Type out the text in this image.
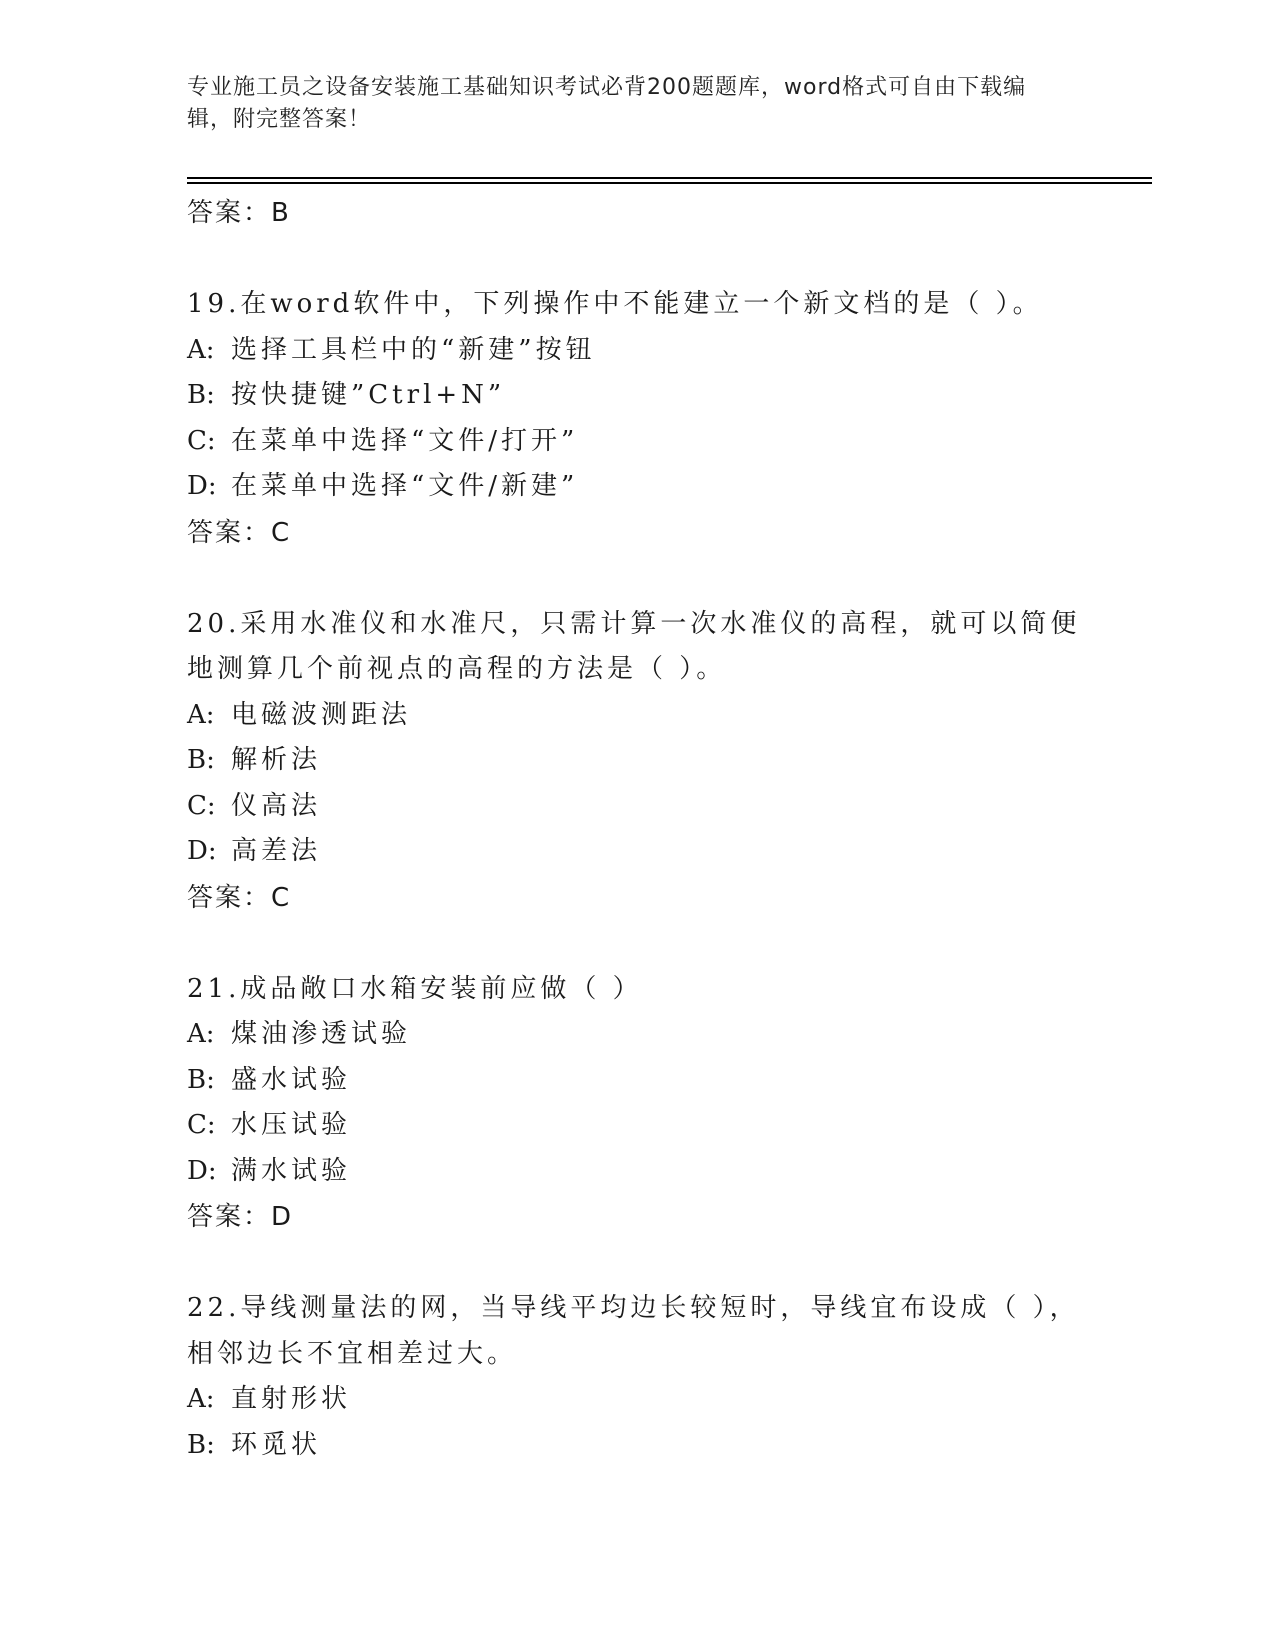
专业施工员之设备安装施工基础知识考试必背200题题库，word格式可自由下载编辑，附完整答案！
答案：B
19.在word软件中，下列操作中不能建立一个新文档的是（ ）。
A: 选择工具栏中的“新建”按钮
B: 按快捷键”Ctrl+N”
C: 在菜单中选择“文件/打开”
D: 在菜单中选择“文件/新建”
答案：C
20.采用水准仪和水准尺，只需计算一次水准仪的高程，就可以简便地测算几个前视点的高程的方法是（ ）。
A: 电磁波测距法
B: 解析法
C: 仪高法
D: 高差法
答案：C
21.成品敞口水箱安装前应做（ ）
A: 煤油渗透试验
B: 盛水试验
C: 水压试验
D: 满水试验
答案：D
22.导线测量法的网，当导线平均边长较短时，导线宜布设成（ ），相邻边长不宜相差过大。
A: 直射形状
B: 环觅状
